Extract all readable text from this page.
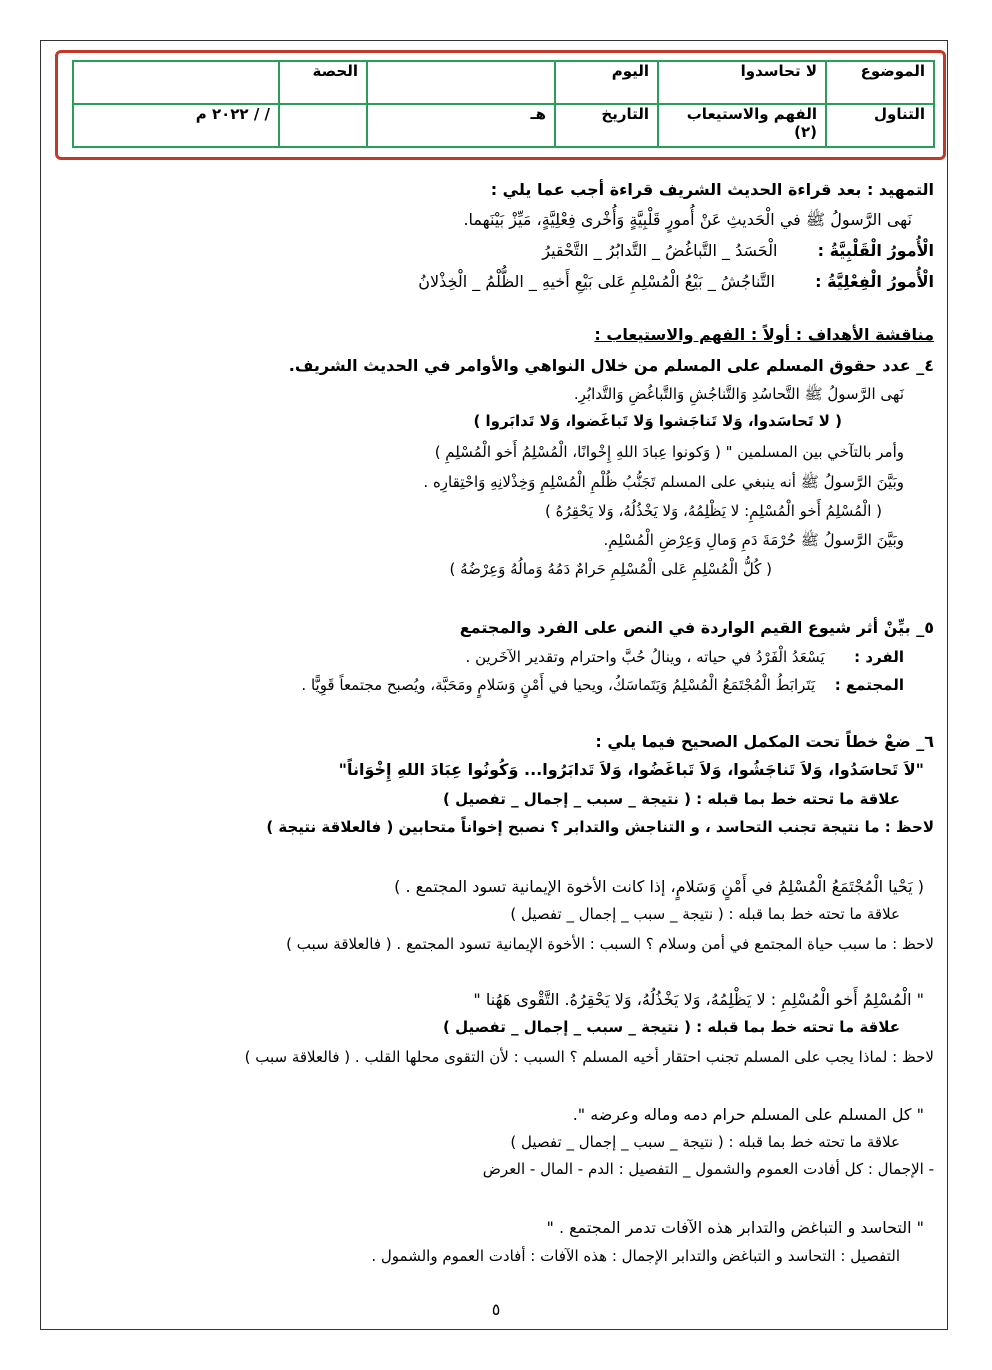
الموضوع	لا تحاسدوا	اليوم		الحصة	
التناول	الفهم والاستيعاب (٢)	التاريخ	هـ		/ / ٢٠٢٢ م
التمهيد : بعد قراءة الحديث الشريف قراءة أجب عما يلي :
نَهى الرَّسولُ ﷺ في الْحَديثِ عَنْ أُمورٍ قَلْبِيَّةٍ وَأُخْرى فِعْلِيَّةٍ، مَيِّزْ بَيْنَهما.
الْأُمورُ الْقَلْبِيَّةُ :  الْحَسَدُ _ التَّباغُضُ _ التَّدابُرُ _ التَّحْقيرُ
الْأُمورُ الْفِعْلِيَّةُ :  التَّناجُشُ _ بَيْعُ الْمُسْلِمِ عَلى بَيْعِ أَخيهِ _ الظُّلْمُ _ الْخِذْلانُ
مناقشة الأهداف : أولاً : الفهم والاستيعاب :
٤_ عدد حقوق المسلم على المسلم من خلال النواهي والأوامر في الحديث الشريف.
نَهى الرَّسولُ ﷺ التَّحاسُدِ وَالتَّناجُشِ وَالتَّباغُضِ وَالتَّدابُرِ.
( لا تَحاسَدوا، وَلا تَناجَشوا وَلا تَباغَضوا، وَلا تَدابَروا )
وأمر بالتآخي بين المسلمين " ( وَكونوا عِبادَ اللهِ إِخْوانًا، الْمُسْلِمُ أَخو الْمُسْلِمِ )
وبَيَّنَ الرَّسولُ ﷺ أنه ينبغي على المسلم تَجَنُّبُ ظُلْمِ الْمُسْلِمِ وَخِذْلانِهِ وَاحْتِقارِه .
( الْمُسْلِمُ أَخو الْمُسْلِمِ: لا يَظْلِمُهُ، وَلا يَخْذُلُهُ، وَلا يَحْقِرُهُ )
وبَيَّنَ الرَّسولُ ﷺ حُرْمَةَ دَمِ وَمالِ وَعِرْضِ الْمُسْلِمِ.
( كُلُّ الْمُسْلِمِ عَلى الْمُسْلِمِ حَرامٌ دَمُهُ وَمالُهُ وَعِرْضُهُ )
٥_ بيِّنْ أثر شيوع القيم الواردة في النص على الفرد والمجتمع
الفرد :  يَسْعَدُ الْفَرْدُ في حياته ، وينالُ حُبَّ واحترام وتقدير الآخَرين .
المجتمع :  يَتَرابَطُ الْمُجْتَمَعُ الْمُسْلِمُ وَيَتَماسَكُ، ويحيا في أَمْنٍ وَسَلامٍ ومَحَبَّة، ويُصبح مجتمعاً قَوِيًّا .
٦_ ضعْ خطاً تحت المكمل الصحيح فيما يلي :
"لاَ تَحاسَدُوا، وَلاَ تَناجَشُوا، وَلاَ تَباغَضُوا، وَلاَ تَدابَرُوا... وَكُونُوا عِبَادَ اللهِ إِخْوَاناً"
علاقة ما تحته خط بما قبله : ( نتيجة _ سبب _ إجمال _ تفصيل )
لاحظ : ما نتيجة تجنب التحاسد ، و التناجش والتدابر ؟ نصبح إخواناً متحابين ( فالعلاقة نتيجة )
( يَحْيا الْمُجْتَمَعُ الْمُسْلِمُ في أَمْنٍ وَسَلامٍ، إذا كانت الأخوة الإيمانية تسود المجتمع . )
علاقة ما تحته خط بما قبله : ( نتيجة _ سبب _ إجمال _ تفصيل )
لاحظ : ما سبب حياة المجتمع في أمن وسلام ؟ السبب : الأخوة الإيمانية تسود المجتمع . ( فالعلاقة سبب )
" الْمُسْلِمُ أَخو الْمُسْلِمِ : لا يَظْلِمُهُ، وَلا يَخْذُلُهُ، وَلا يَحْقِرُهُ. التَّقْوى هَهُنا "
علاقة ما تحته خط بما قبله : ( نتيجة _ سبب _ إجمال _ تفصيل )
لاحظ : لماذا يجب على المسلم تجنب احتقار أخيه المسلم ؟ السبب : لأن التقوى محلها القلب . ( فالعلاقة سبب )
" كل المسلم على المسلم حرام دمه وماله وعرضه ".
علاقة ما تحته خط بما قبله : ( نتيجة _ سبب _ إجمال _ تفصيل )
- الإجمال : كل أفادت العموم والشمول _ التفصيل : الدم - المال - العرض
" التحاسد و التباغض والتدابر هذه الآفات تدمر المجتمع . "
التفصيل : التحاسد و التباغض والتدابر الإجمال : هذه الآفات : أفادت العموم والشمول .
٥
